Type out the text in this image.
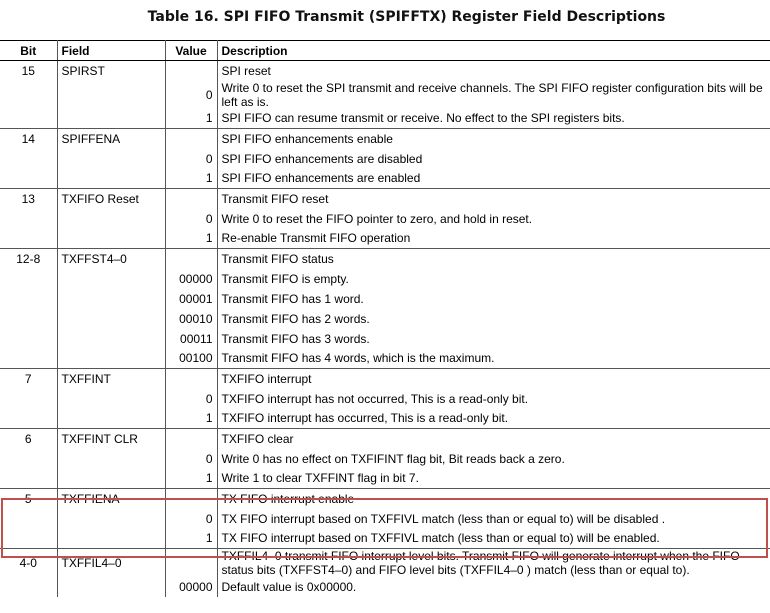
Table 16. SPI FIFO Transmit (SPIFFTX) Register Field Descriptions
Bit	Field	Value	Description
15	SPIRST		SPI reset
		0	Write 0 to reset the SPI transmit and receive channels. The SPI FIFO register configuration bits will be left as is.
		1	SPI FIFO can resume transmit or receive. No effect to the SPI registers bits.
14	SPIFFENA		SPI FIFO enhancements enable
		0	SPI FIFO enhancements are disabled
		1	SPI FIFO enhancements are enabled
13	TXFIFO Reset		Transmit FIFO reset
		0	Write 0 to reset the FIFO pointer to zero, and hold in reset.
		1	Re-enable Transmit FIFO operation
12-8	TXFFST4–0		Transmit FIFO status
		00000	Transmit FIFO is empty.
		00001	Transmit FIFO has 1 word.
		00010	Transmit FIFO has 2 words.
		00011	Transmit FIFO has 3 words.
		00100	Transmit FIFO has 4 words, which is the maximum.
7	TXFFINT		TXFIFO interrupt
		0	TXFIFO interrupt has not occurred, This is a read-only bit.
		1	TXFIFO interrupt has occurred, This is a read-only bit.
6	TXFFINT CLR		TXFIFO clear
		0	Write 0 has no effect on TXFIFINT flag bit, Bit reads back a zero.
		1	Write 1 to clear TXFFINT flag in bit 7.
5	TXFFIENA		TX FIFO interrupt enable
		0	TX FIFO interrupt based on TXFFIVL match (less than or equal to) will be disabled .
		1	TX FIFO interrupt based on TXFFIVL match (less than or equal to) will be enabled.
4-0	TXFFIL4–0		TXFFIL4–0 transmit FIFO interrupt level bits. Transmit FIFO will generate interrupt when the FIFO status bits (TXFFST4–0) and FIFO level bits (TXFFIL4–0 ) match (less than or equal to).
		00000	Default value is 0x00000.
